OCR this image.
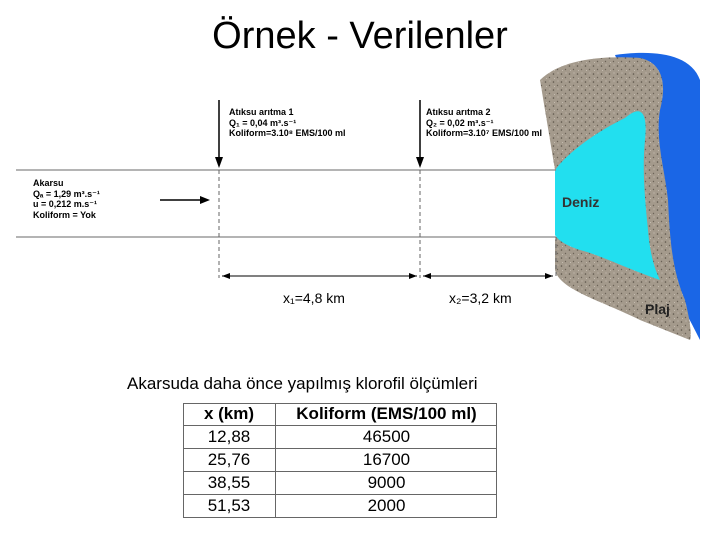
Örnek - Verilenler
Atıksu arıtma 1
Q₁ = 0,04 m³.s⁻¹
Koliform=3.10⁸ EMS/100 ml
Atıksu arıtma 2
Q₂ = 0,02 m³.s⁻¹
Koliform=3.10⁷ EMS/100 ml
Akarsu
Qₐ = 1,29 m³.s⁻¹
u = 0,212 m.s⁻¹
Koliform = Yok
x₁=4,8 km	x₂=3,2 km
Deniz
Plaj
Akarsuda daha önce yapılmış klorofil ölçümleri
x (km)	Koliform (EMS/100 ml)
12,88	46500
25,76	16700
38,55	9000
51,53	2000
